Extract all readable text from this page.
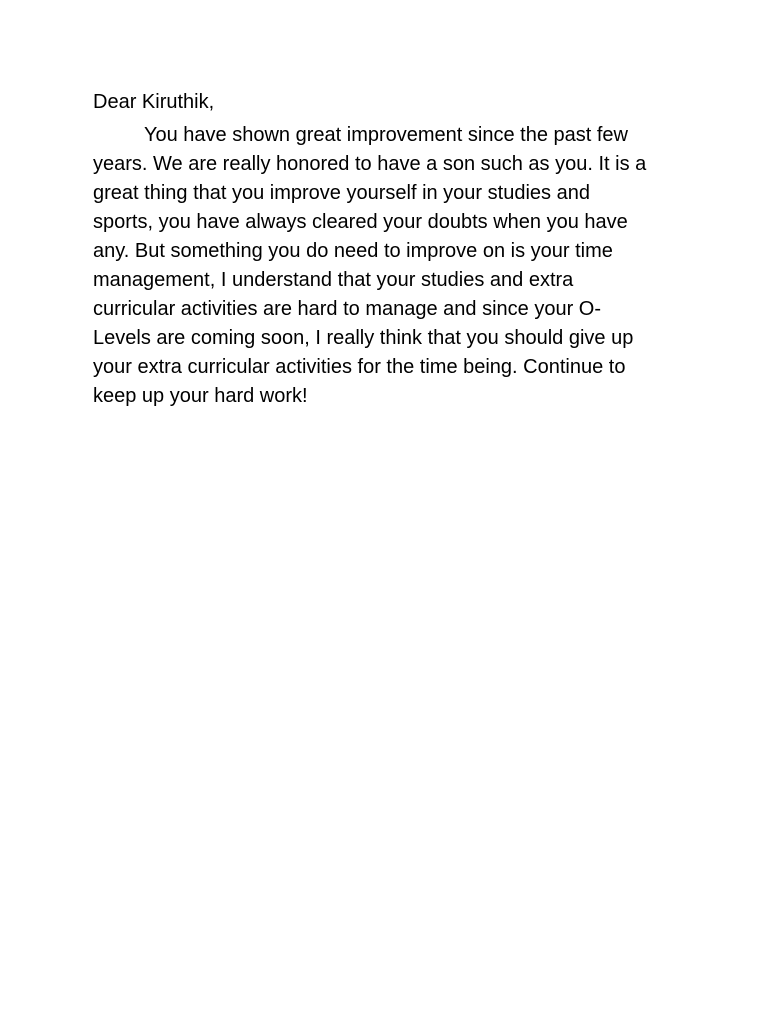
Dear Kiruthik,

You have shown great improvement since the past few
years. We are really honored to have a son such as you. It is a
great thing that you improve yourself in your studies and
sports, you have always cleared your doubts when you have
any. But something you do need to improve on is your time
management, I understand that your studies and extra
curricular activities are hard to manage and since your O-
Levels are coming soon, I really think that you should give up
your extra curricular activities for the time being. Continue to
keep up your hard work!
